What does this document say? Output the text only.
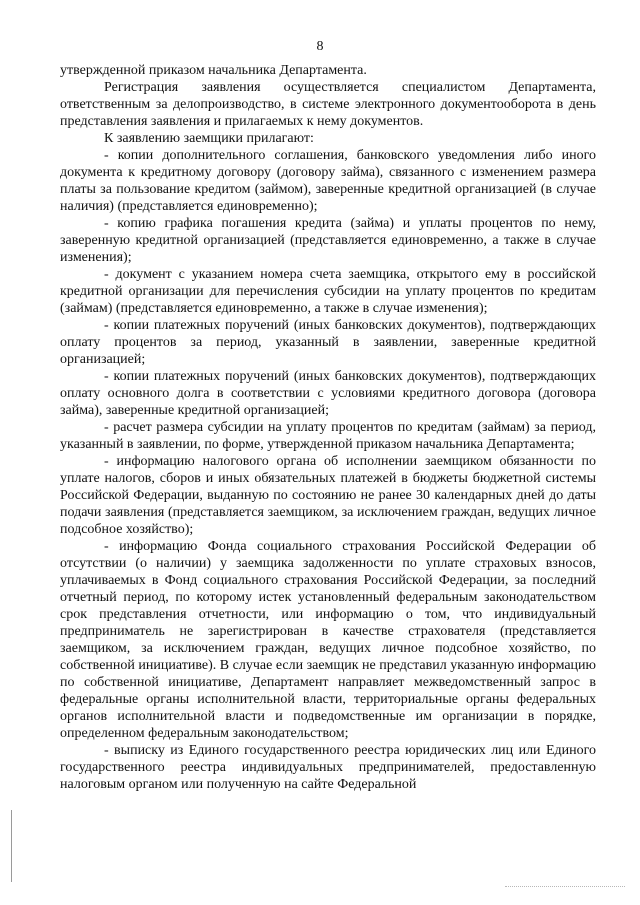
8

утвержденной приказом начальника Департамента.

Регистрация заявления осуществляется специалистом Департамента, ответственным за делопроизводство, в системе электронного документооборота в день представления заявления и прилагаемых к нему документов.

К заявлению заемщики прилагают:

- копии дополнительного соглашения, банковского уведомления либо иного документа к кредитному договору (договору займа), связанного с изменением размера платы за пользование кредитом (займом), заверенные кредитной организацией (в случае наличия) (представляется единовременно);

- копию графика погашения кредита (займа) и уплаты процентов по нему, заверенную кредитной организацией (представляется единовременно, а также в случае изменения);

- документ с указанием номера счета заемщика, открытого ему в российской кредитной организации для перечисления субсидии на уплату процентов по кредитам (займам) (представляется единовременно, а также в случае изменения);

- копии платежных поручений (иных банковских документов), подтверждающих оплату процентов за период, указанный в заявлении, заверенные кредитной организацией;

- копии платежных поручений (иных банковских документов), подтверждающих оплату основного долга в соответствии с условиями кредитного договора (договора займа), заверенные кредитной организацией;

- расчет размера субсидии на уплату процентов по кредитам (займам) за период, указанный в заявлении, по форме, утвержденной приказом начальника Департамента;

- информацию налогового органа об исполнении заемщиком обязанности по уплате налогов, сборов и иных обязательных платежей в бюджеты бюджетной системы Российской Федерации, выданную по состоянию не ранее 30 календарных дней до даты подачи заявления (представляется заемщиком, за исключением граждан, ведущих личное подсобное хозяйство);

- информацию Фонда социального страхования Российской Федерации об отсутствии (о наличии) у заемщика задолженности по уплате страховых взносов, уплачиваемых в Фонд социального страхования Российской Федерации, за последний отчетный период, по которому истек установленный федеральным законодательством срок представления отчетности, или информацию о том, что индивидуальный предприниматель не зарегистрирован в качестве страхователя (представляется заемщиком, за исключением граждан, ведущих личное подсобное хозяйство, по собственной инициативе). В случае если заемщик не представил указанную информацию по собственной инициативе, Департамент направляет межведомственный запрос в федеральные органы исполнительной власти, территориальные органы федеральных органов исполнительной власти и подведомственные им организации в порядке, определенном федеральным законодательством;

- выписку из Единого государственного реестра юридических лиц или Единого государственного реестра индивидуальных предпринимателей, предоставленную налоговым органом или полученную на сайте Федеральной
